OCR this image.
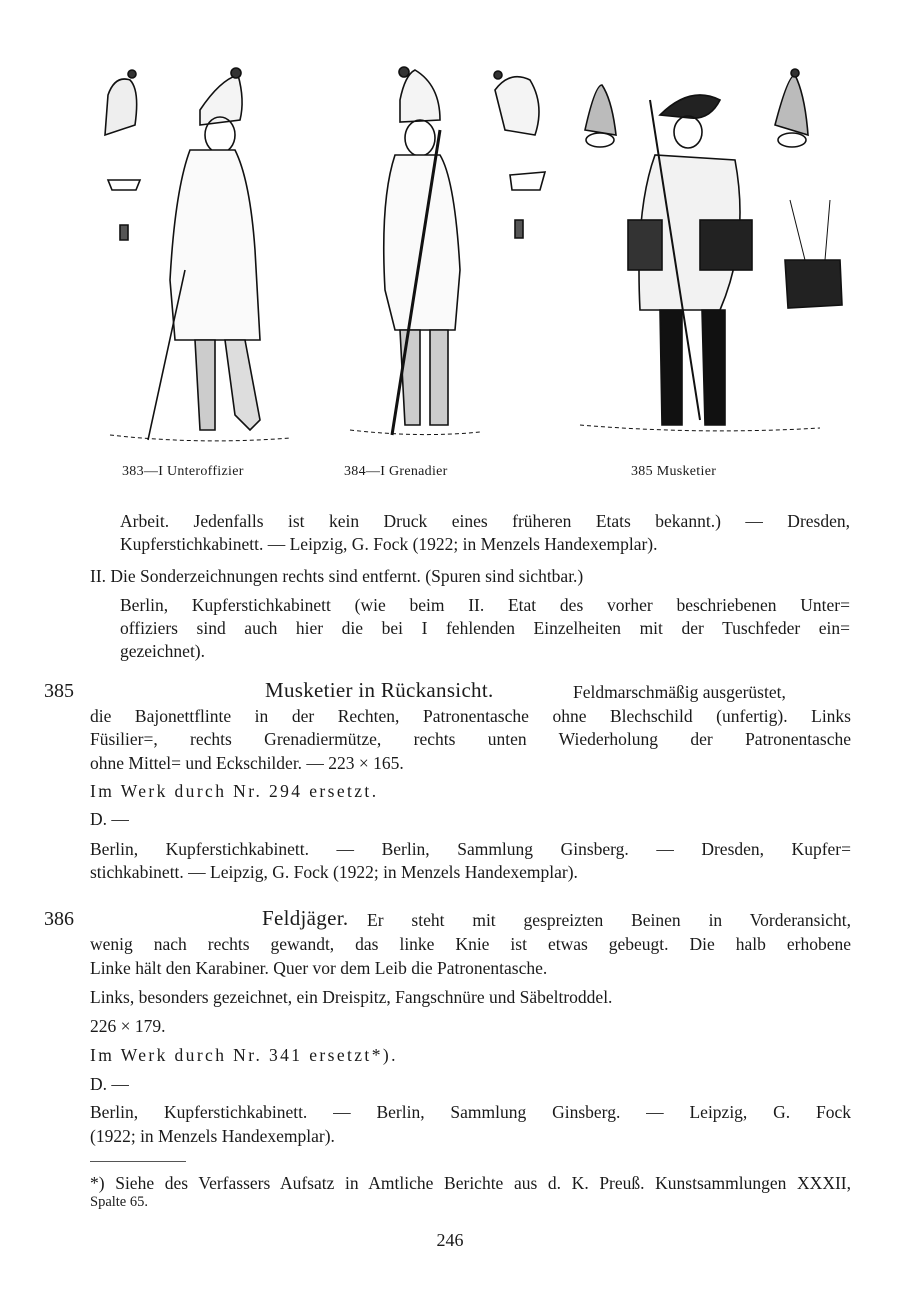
383—I Unteroffizier	384—I Grenadier	385 Musketier
Arbeit. Jedenfalls ist kein Druck eines früheren Etats bekannt.) — Dresden,
Kupferstichkabinett. — Leipzig, G. Fock (1922; in Menzels Handexemplar).
II. Die Sonderzeichnungen rechts sind entfernt. (Spuren sind sichtbar.)
Berlin, Kupferstichkabinett (wie beim II. Etat des vorher beschriebenen Unter=
offiziers sind auch hier die bei I fehlenden Einzelheiten mit der Tuschfeder ein=
gezeichnet).
385	Musketier in Rückansicht.	Feldmarschmäßig ausgerüstet,
die Bajonettflinte in der Rechten, Patronentasche ohne Blechschild (unfertig). Links
Füsilier=, rechts Grenadiermütze, rechts unten Wiederholung der Patronentasche
ohne Mittel= und Eckschilder. — 223 × 165.
Im Werk durch Nr. 294 ersetzt.
D. —
Berlin, Kupferstichkabinett. — Berlin, Sammlung Ginsberg. — Dresden, Kupfer=
stichkabinett. — Leipzig, G. Fock (1922; in Menzels Handexemplar).
386	Feldjäger. Er steht mit gespreizten Beinen in Vorderansicht,
wenig nach rechts gewandt, das linke Knie ist etwas gebeugt. Die halb erhobene
Linke hält den Karabiner. Quer vor dem Leib die Patronentasche.
Links, besonders gezeichnet, ein Dreispitz, Fangschnüre und Säbeltroddel.
226 × 179.
Im Werk durch Nr. 341 ersetzt*).
D. —
Berlin, Kupferstichkabinett. — Berlin, Sammlung Ginsberg. — Leipzig, G. Fock
(1922; in Menzels Handexemplar).
*) Siehe des Verfassers Aufsatz in Amtliche Berichte aus d. K. Preuß. Kunstsammlungen XXXII,
Spalte 65.
246
